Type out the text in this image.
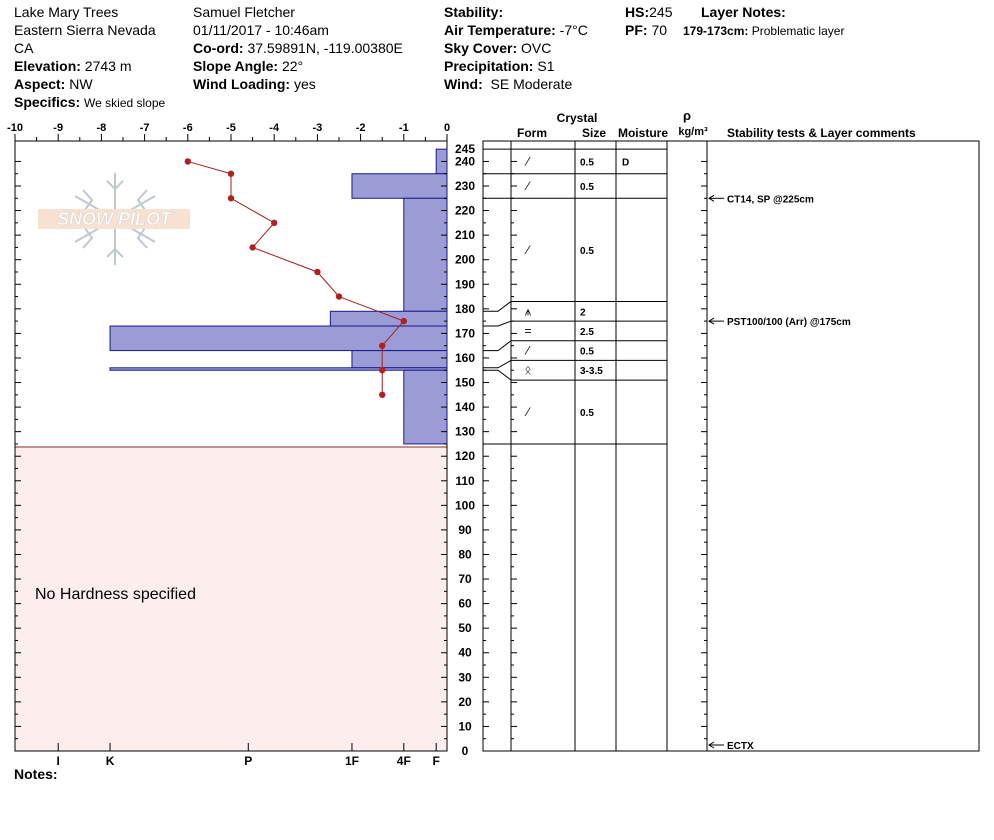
Lake Mary Trees
Eastern Sierra Nevada
CA
Elevation: 2743 m
Aspect: NW
Specifics: We skied slope
Samuel Fletcher
01/11/2017 - 10:46am
Co-ord: 37.59891N, -119.00380E
Slope Angle: 22°
Wind Loading: yes
Stability:
Air Temperature: -7°C
Sky Cover: OVC
Precipitation: S1
Wind: SE Moderate
HS:245
PF: 70
Layer Notes:
179-173cm: Problematic layer
Notes:
No Hardness specified
SNOW PILOT
-10	-9	-8	-7	-6	-5	-4	-3	-2	-1	0
I	K	P	1F	4F F
245
240
230
220
210
200
190
180
170
160
150
140
130
120
110
100
90
80
70
60
50
40
30
20
10
0
⁄	0.5	D
⁄	0.5
⁄	0.5
⩚	2
=	2.5
⁄	0.5
ᛟ	3-3.5
⁄	0.5
CT14, SP @225cm
PST100/100 (Arr) @175cm
ECTX
Crystal
Form	Size Moisture
ρ
kg/m³ Stability tests & Layer comments
